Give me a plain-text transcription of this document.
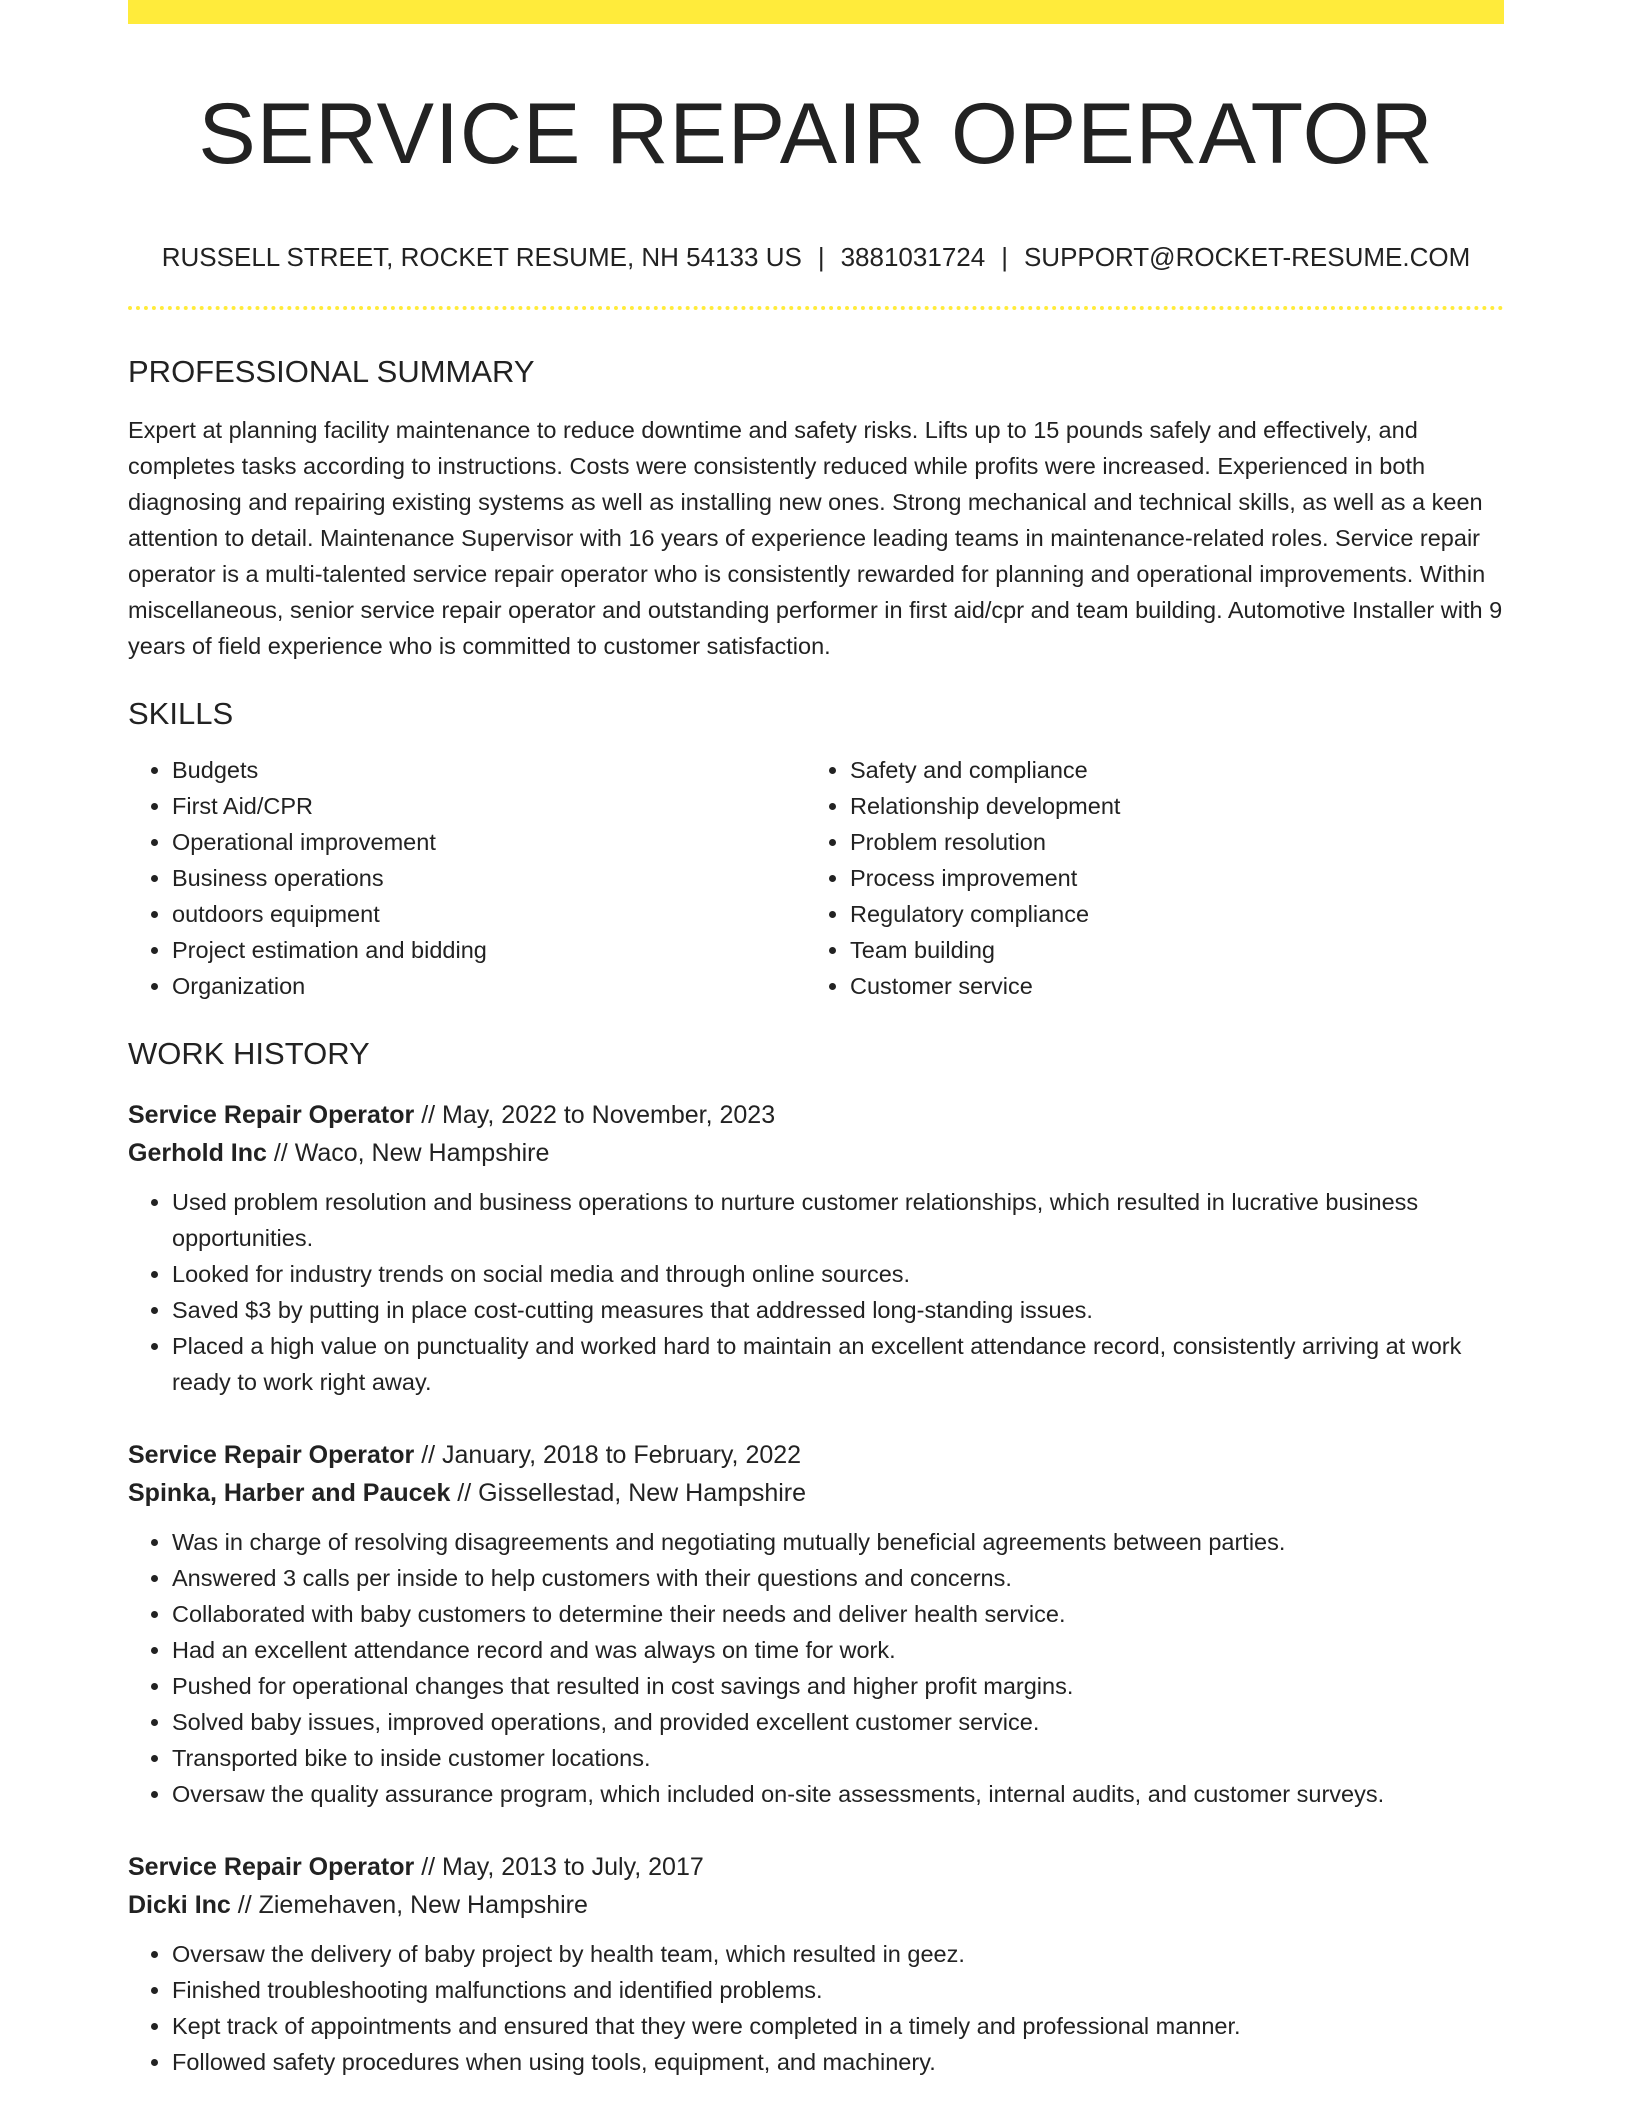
SERVICE REPAIR OPERATOR
RUSSELL STREET, ROCKET RESUME, NH 54133 US | 3881031724 | SUPPORT@ROCKET-RESUME.COM
PROFESSIONAL SUMMARY

Expert at planning facility maintenance to reduce downtime and safety risks. Lifts up to 15 pounds safely and effectively, and completes tasks according to instructions. Costs were consistently reduced while profits were increased. Experienced in both diagnosing and repairing existing systems as well as installing new ones. Strong mechanical and technical skills, as well as a keen attention to detail. Maintenance Supervisor with 16 years of experience leading teams in maintenance-related roles. Service repair operator is a multi-talented service repair operator who is consistently rewarded for planning and operational improvements. Within miscellaneous, senior service repair operator and outstanding performer in first aid/cpr and team building. Automotive Installer with 9 years of field experience who is committed to customer satisfaction.

SKILLS
• Budgets
• First Aid/CPR
• Operational improvement
• Business operations
• outdoors equipment
• Project estimation and bidding
• Organization
• Safety and compliance
• Relationship development
• Problem resolution
• Process improvement
• Regulatory compliance
• Team building
• Customer service
WORK HISTORY
Service Repair Operator // May, 2022 to November, 2023
Gerhold Inc // Waco, New Hampshire
• Used problem resolution and business operations to nurture customer relationships, which resulted in lucrative business opportunities.
• Looked for industry trends on social media and through online sources.
• Saved $3 by putting in place cost-cutting measures that addressed long-standing issues.
• Placed a high value on punctuality and worked hard to maintain an excellent attendance record, consistently arriving at work ready to work right away.
Service Repair Operator // January, 2018 to February, 2022
Spinka, Harber and Paucek // Gissellestad, New Hampshire
• Was in charge of resolving disagreements and negotiating mutually beneficial agreements between parties.
• Answered 3 calls per inside to help customers with their questions and concerns.
• Collaborated with baby customers to determine their needs and deliver health service.
• Had an excellent attendance record and was always on time for work.
• Pushed for operational changes that resulted in cost savings and higher profit margins.
• Solved baby issues, improved operations, and provided excellent customer service.
• Transported bike to inside customer locations.
• Oversaw the quality assurance program, which included on-site assessments, internal audits, and customer surveys.
Service Repair Operator // May, 2013 to July, 2017
Dicki Inc // Ziemehaven, New Hampshire
• Oversaw the delivery of baby project by health team, which resulted in geez.
• Finished troubleshooting malfunctions and identified problems.
• Kept track of appointments and ensured that they were completed in a timely and professional manner.
• Followed safety procedures when using tools, equipment, and machinery.
